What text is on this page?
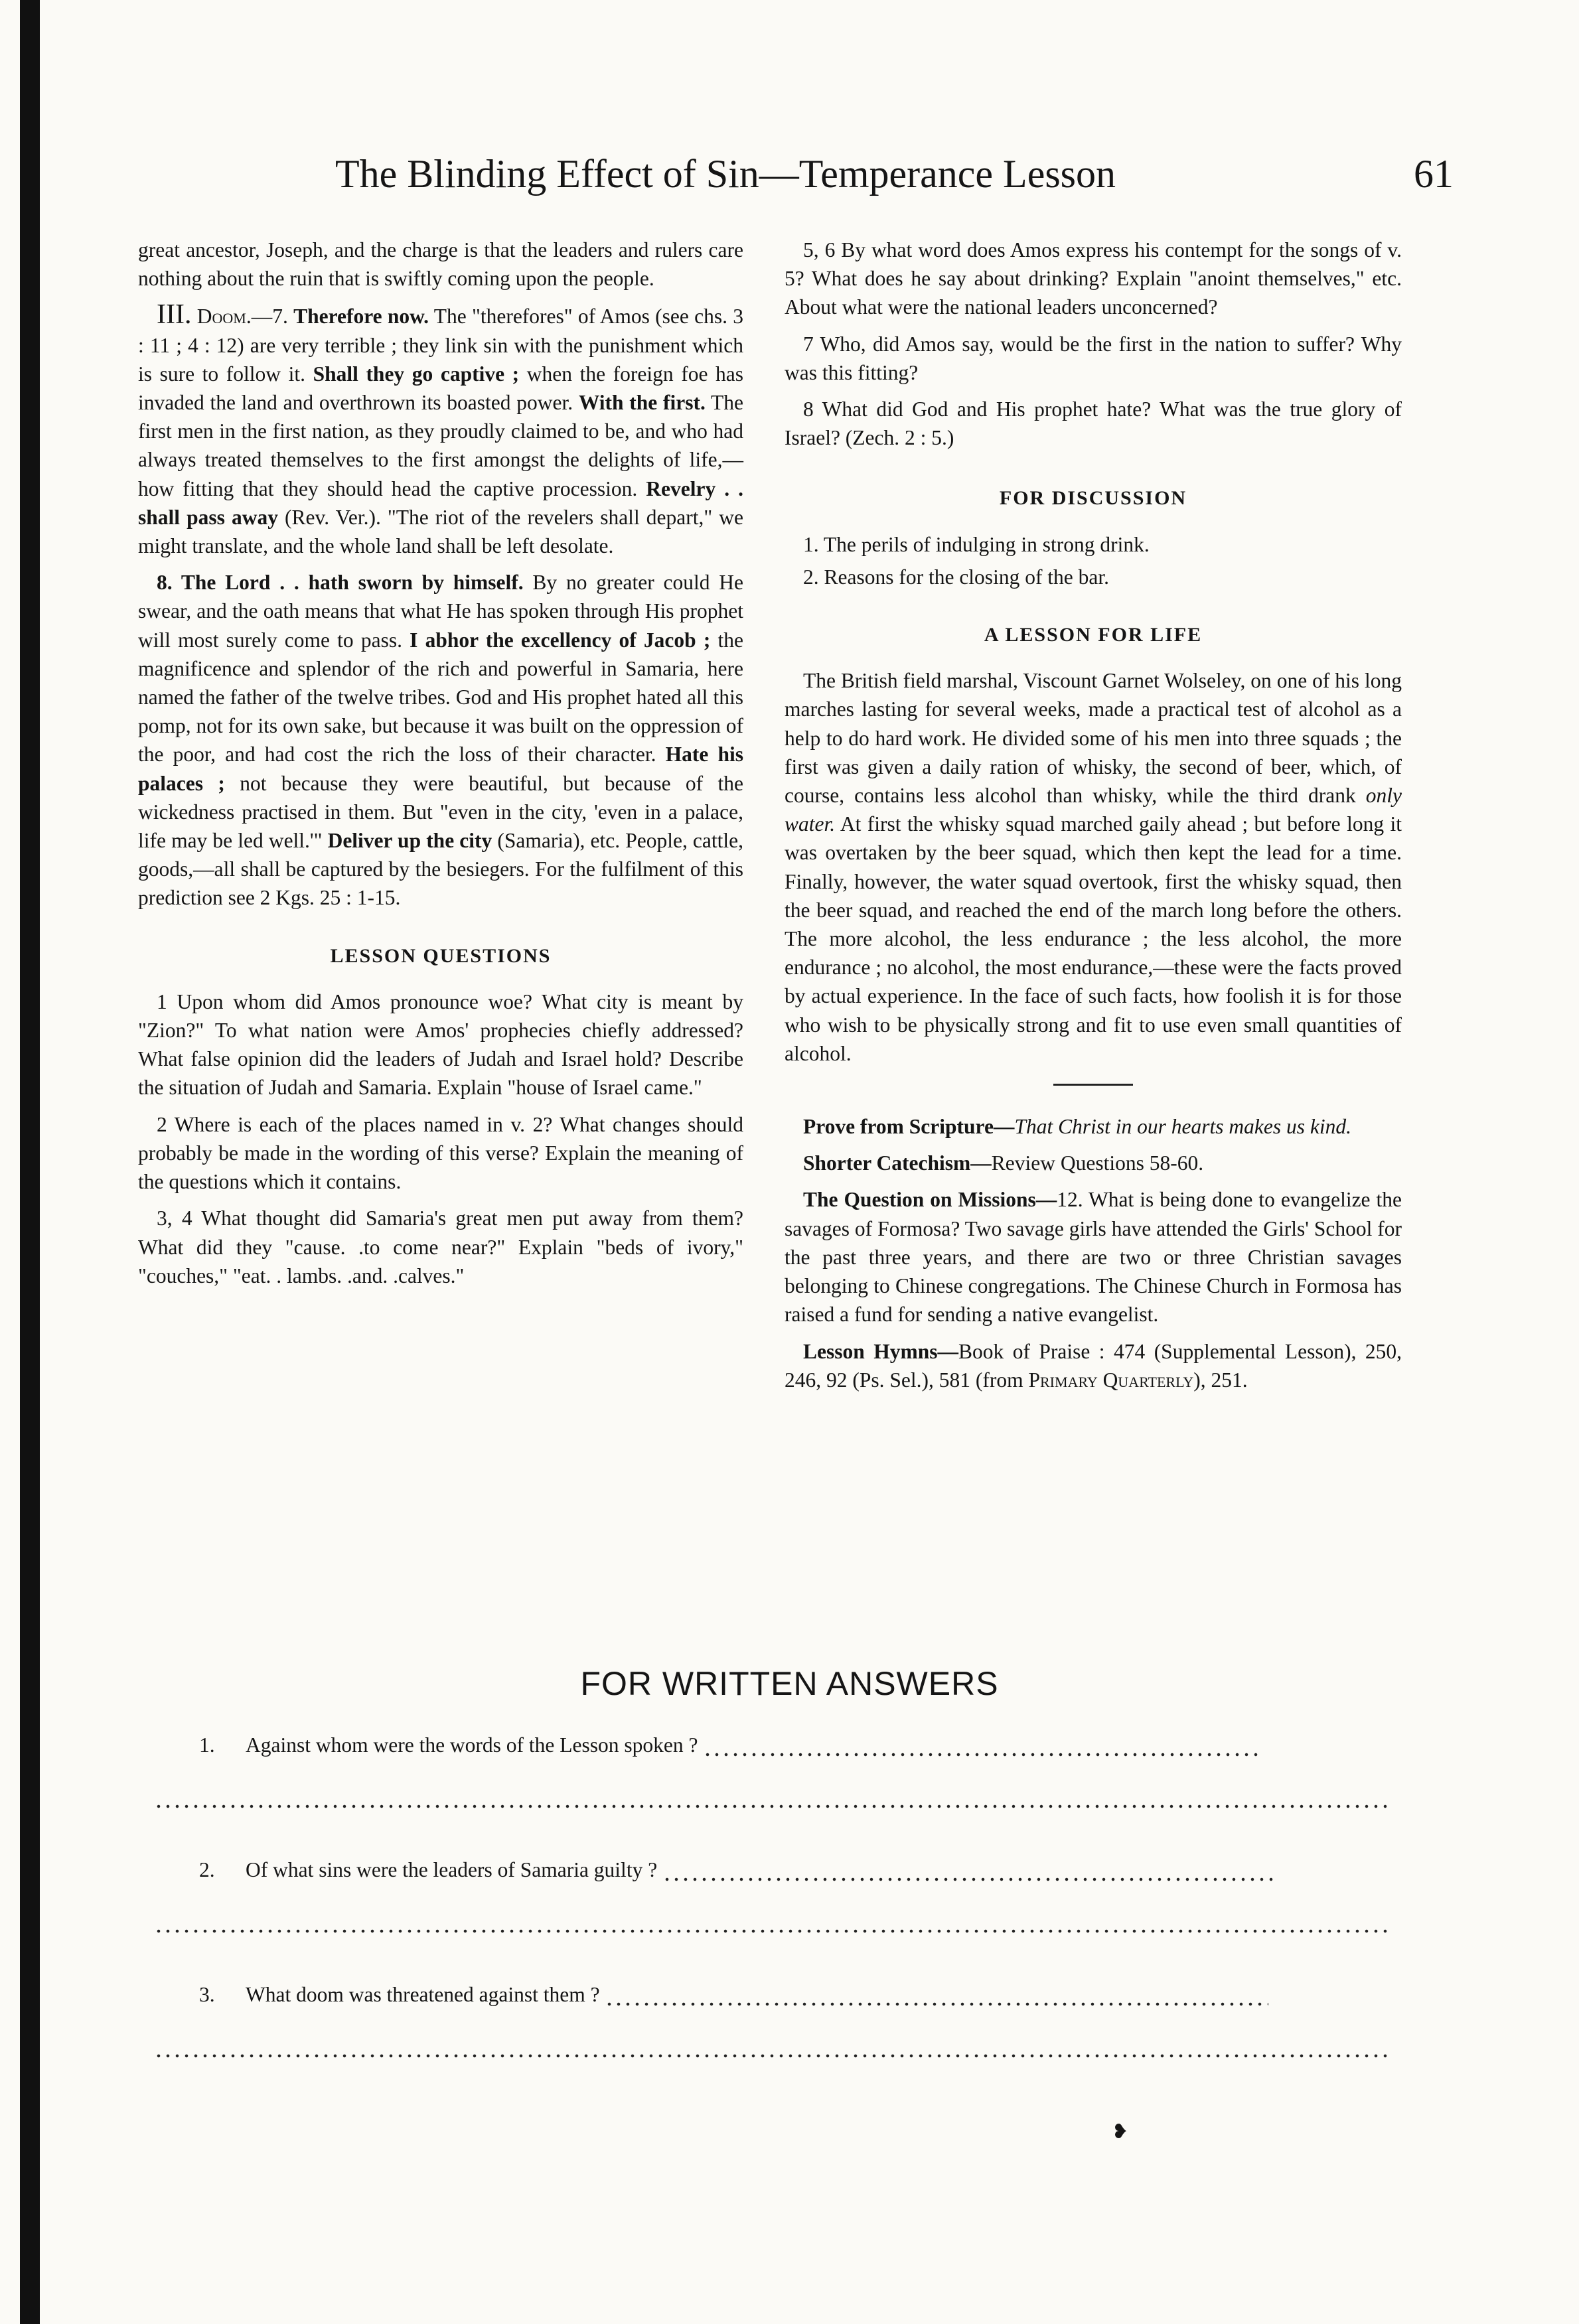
The Blinding Effect of Sin—Temperance Lesson	61

great ancestor, Joseph, and the charge is that the leaders and rulers care nothing about the ruin that is swiftly coming upon the people.

III. Doom.—7. Therefore now. The "therefores" of Amos (see chs. 3 : 11 ; 4 : 12) are very terrible ; they link sin with the punishment which is sure to follow it. Shall they go captive ; when the foreign foe has invaded the land and overthrown its boasted power. With the first. The first men in the first nation, as they proudly claimed to be, and who had always treated themselves to the first amongst the delights of life,—how fitting that they should head the captive procession. Revelry . . shall pass away (Rev. Ver.). "The riot of the revelers shall depart," we might translate, and the whole land shall be left desolate.

8. The Lord . . hath sworn by himself. By no greater could He swear, and the oath means that what He has spoken through His prophet will most surely come to pass. I abhor the excellency of Jacob ; the magnificence and splendor of the rich and powerful in Samaria, here named the father of the twelve tribes. God and His prophet hated all this pomp, not for its own sake, but because it was built on the oppression of the poor, and had cost the rich the loss of their character. Hate his palaces ; not because they were beautiful, but because of the wickedness practised in them. But "even in the city, 'even in a palace, life may be led well.'" Deliver up the city (Samaria), etc. People, cattle, goods,—all shall be captured by the besiegers. For the fulfilment of this prediction see 2 Kgs. 25 : 1-15.

LESSON QUESTIONS

1 Upon whom did Amos pronounce woe? What city is meant by "Zion?" To what nation were Amos' prophecies chiefly addressed? What false opinion did the leaders of Judah and Israel hold? Describe the situation of Judah and Samaria. Explain "house of Israel came."

2 Where is each of the places named in v. 2? What changes should probably be made in the wording of this verse? Explain the meaning of the questions which it contains.

3, 4 What thought did Samaria's great men put away from them? What did they "cause. .to come near?" Explain "beds of ivory," "couches," "eat. . lambs. .and. .calves."

5, 6 By what word does Amos express his contempt for the songs of v. 5? What does he say about drinking? Explain "anoint themselves," etc. About what were the national leaders unconcerned?

7 Who, did Amos say, would be the first in the nation to suffer? Why was this fitting?

8 What did God and His prophet hate? What was the true glory of Israel? (Zech. 2 : 5.)

FOR DISCUSSION

1. The perils of indulging in strong drink.

2. Reasons for the closing of the bar.

A LESSON FOR LIFE

The British field marshal, Viscount Garnet Wolseley, on one of his long marches lasting for several weeks, made a practical test of alcohol as a help to do hard work. He divided some of his men into three squads ; the first was given a daily ration of whisky, the second of beer, which, of course, contains less alcohol than whisky, while the third drank only water. At first the whisky squad marched gaily ahead ; but before long it was overtaken by the beer squad, which then kept the lead for a time. Finally, however, the water squad overtook, first the whisky squad, then the beer squad, and reached the end of the march long before the others. The more alcohol, the less endurance ; the less alcohol, the more endurance ; no alcohol, the most endurance,—these were the facts proved by actual experience. In the face of such facts, how foolish it is for those who wish to be physically strong and fit to use even small quantities of alcohol.

Prove from Scripture—That Christ in our hearts makes us kind.

Shorter Catechism—Review Questions 58-60.

The Question on Missions—12. What is being done to evangelize the savages of Formosa? Two savage girls have attended the Girls' School for the past three years, and there are two or three Christian savages belonging to Chinese congregations. The Chinese Church in Formosa has raised a fund for sending a native evangelist.

Lesson Hymns—Book of Praise : 474 (Supplemental Lesson), 250, 246, 92 (Ps. Sel.), 581 (from Primary Quarterly), 251.

FOR WRITTEN ANSWERS
1. Against whom were the words of the Lesson spoken ?
2. Of what sins were the leaders of Samaria guilty ?
3. What doom was threatened against them ?
❥
